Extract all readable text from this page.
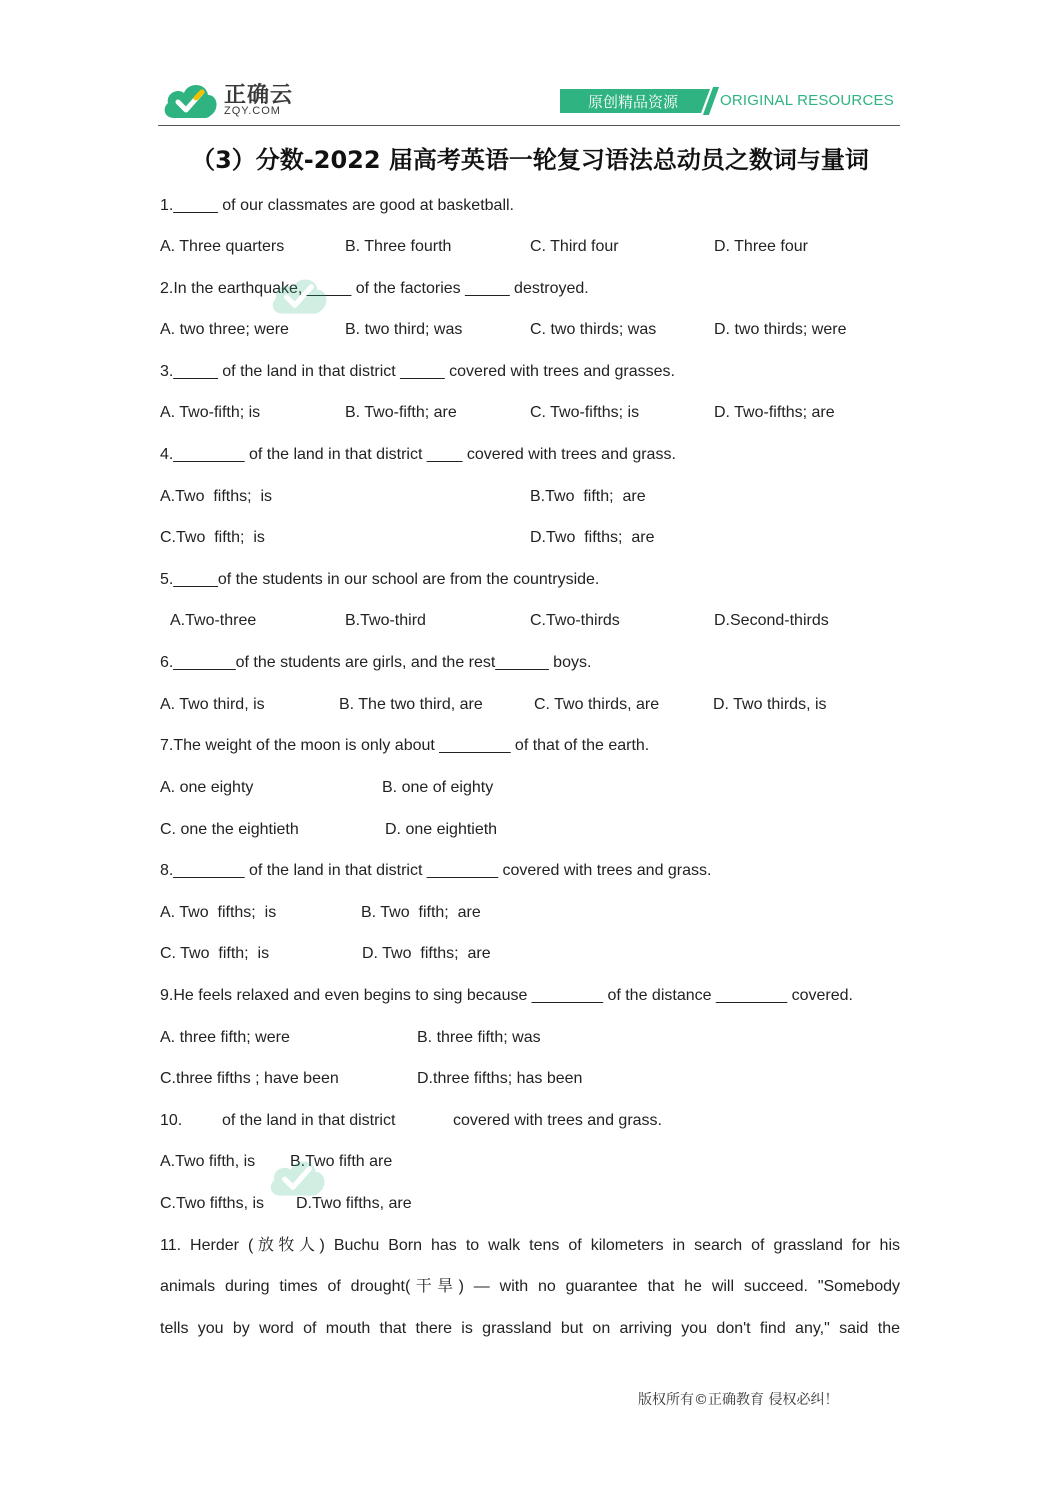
正确云
ZQY.COM	原创精品资源	ORIGINAL RESOURCES
（3）分数-2022 届高考英语一轮复习语法总动员之数词与量词
1._____ of our classmates are good at basketball.
A. Three quarters	B. Three fourth	C. Third four	D. Three four
2.In the earthquake, _____ of the factories _____ destroyed.
A. two three; were	B. two third; was	C. two thirds; was	D. two thirds; were
3._____ of the land in that district _____ covered with trees and grasses.
A. Two-fifth; is	B. Two-fifth; are	C. Two-fifths; is	D. Two-fifths; are
4.________ of the land in that district ____ covered with trees and grass.
A.Two  fifths;  is	B.Two  fifth;  are
C.Two  fifth;  is	D.Two  fifths;  are
5._____of the students in our school are from the countryside.
A.Two-three	B.Two-third	C.Two-thirds	D.Second-thirds
6._______of the students are girls, and the rest______ boys.
A. Two third, is	B. The two third, are	C. Two thirds, are	D. Two thirds, is
7.The weight of the moon is only about ________ of that of the earth.
A. one eighty	B. one of eighty
C. one the eightieth	D. one eightieth
8.________ of the land in that district ________ covered with trees and grass.
A. Two  fifths;  is	B. Two  fifth;  are
C. Two  fifth;  is	D. Two  fifths;  are
9.He feels relaxed and even begins to sing because ________ of the distance ________ covered.
A. three fifth; were	B. three fifth; was
C.three fifths ; have been	D.three fifths; has been
10. of the land in that district	covered with trees and grass.
A.Two fifth, is B.Two fifth are
C.Two fifths, is D.Two fifths, are
11. Herder (放牧人) Buchu Born has to walk tens of kilometers in search of grassland for his
animals during times of drought(干旱) — with no guarantee that he will succeed. "Somebody
tells you by word of mouth that there is grassland but on arriving you don't find any," said the
版权所有©正确教育 侵权必纠！
